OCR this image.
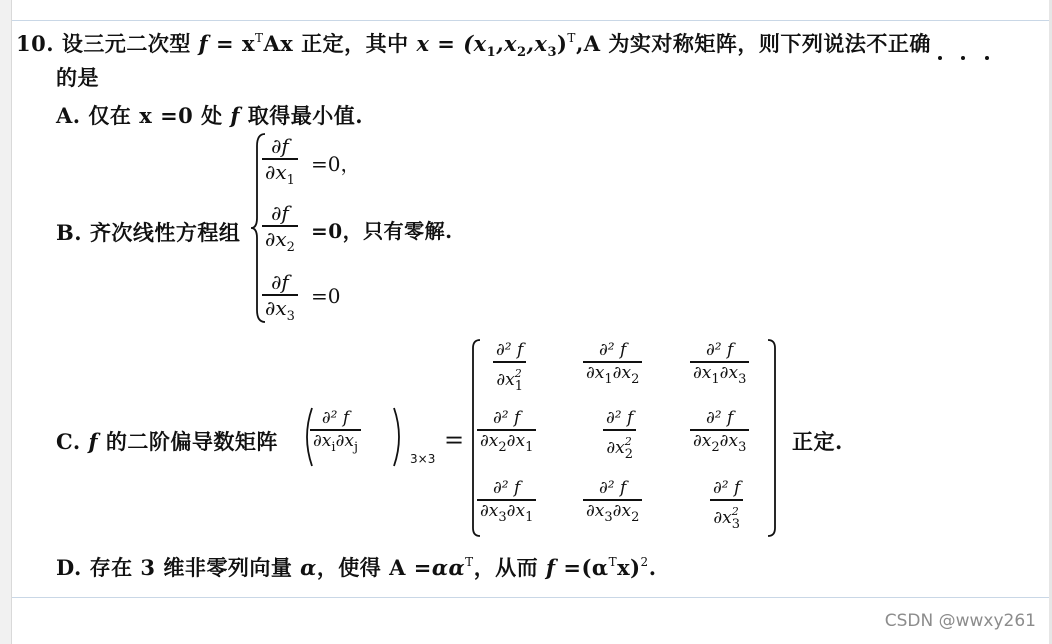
10. 设三元二次型 $f = x^TAx$ 正定，其中 $x = (x_1,x_2,x_3)^T,A$ 为实对称矩阵，则下列说法不正确
的是
A. 仅在 x =0 处 f 取得最小值.
B. 齐次线性方程组
∂f
$\partial x_1$
=0，
∂f
$\partial x_2$
=0，只有零解.
∂f
$\partial x_3$
=0
C. f 的二阶偏导数矩阵
∂² f
$\partial x_i\partial x_j$
3×3
=
∂² f
$\partial x^2_1$
∂² f
$\partial x_1\partial x_2$
∂² f
$\partial x_1\partial x_3$
∂² f
$\partial x_2\partial x_1$
∂² f
$\partial x^2_2$
∂² f
$\partial x_2\partial x_3$
∂² f
$\partial x_3\partial x_1$
∂² f
$\partial x_3\partial x_2$
∂² f
$\partial x^2_3$
正定.
D. 存在 3 维非零列向量 α，使得 $A =\alpha\alpha^T$，从而 $f =(\alpha^Tx)^2$.
CSDN @wwxy261
